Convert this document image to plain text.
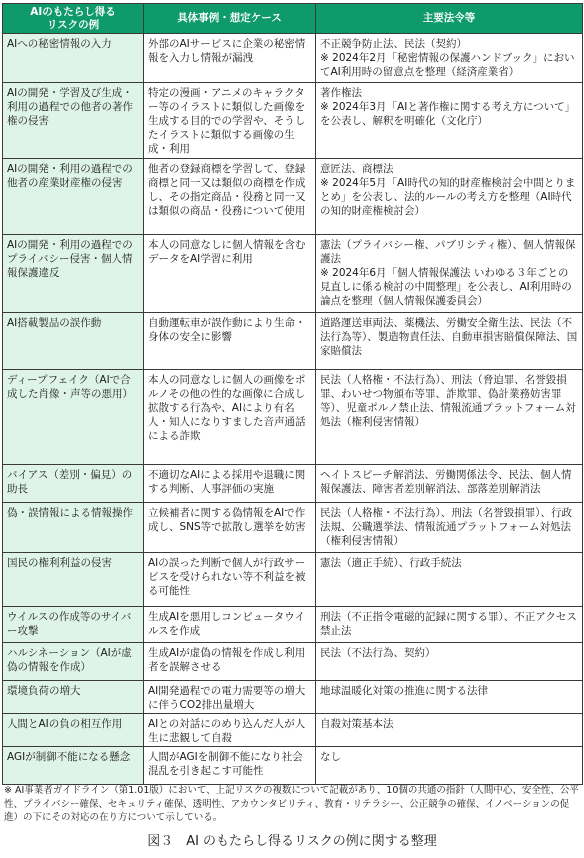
AIのもたらし得る
リスクの例	具体事例・想定ケース	主要法令等

AIへの秘密情報の入力	外部のAIサービスに企業の秘密情報を入力し情報が漏洩	不正競争防止法、民法（契約）
※ 2024年2月「秘密情報の保護ハンドブック」においてAI利用時の留意点を整理（経済産業省）

AIの開発・学習及び生成・利用の過程での他者の著作権の侵害	特定の漫画・アニメのキャラクター等のイラストに類似した画像を生成する目的での学習や、そうしたイラストに類似する画像の生成・利用	著作権法
※ 2024年3月「AIと著作権に関する考え方について」を公表し、解釈を明確化（文化庁）

AIの開発・利用の過程での他者の産業財産権の侵害	他者の登録商標を学習して、登録商標と同一又は類似の商標を作成し、その指定商品・役務と同一又は類似の商品・役務について使用	意匠法、商標法
※ 2024年5月「AI時代の知的財産権検討会中間とりまとめ」を公表し、法的ルールの考え方を整理（AI時代の知的財産権検討会）

AIの開発・利用の過程でのプライバシー侵害・個人情報保護違反	本人の同意なしに個人情報を含むデータをAI学習に利用	憲法（プライバシー権、パブリシティ権）、個人情報保護法
※ 2024年6月「個人情報保護法 いわゆる３年ごとの見直しに係る検討の中間整理」を公表し、AI利用時の論点を整理（個人情報保護委員会）

AI搭載製品の誤作動	自動運転車が誤作動により生命・身体の安全に影響	道路運送車両法、薬機法、労働安全衛生法、民法（不法行為等）、製造物責任法、自動車損害賠償保障法、国家賠償法

ディープフェイク（AIで合成した肖像・声等の悪用）	本人の同意なしに個人の画像をポルノその他の性的な画像に合成し拡散する行為や、AIにより有名人・知人になりすました音声通話による詐欺	民法（人格権・不法行為）、刑法（脅迫罪、名誉毀損罪、わいせつ物頒布等罪、詐欺罪、偽計業務妨害罪等）、児童ポルノ禁止法、情報流通プラットフォーム対処法（権利侵害情報）

バイアス（差別・偏見）の助長	不適切なAIによる採用や退職に関する判断、人事評価の実施	ヘイトスピーチ解消法、労働関係法令、民法、個人情報保護法、障害者差別解消法、部落差別解消法

偽・誤情報による情報操作	立候補者に関する偽情報をAIで作成し、SNS等で拡散し選挙を妨害	民法（人格権・不法行為）、刑法（名誉毀損罪）、行政法規、公職選挙法、情報流通プラットフォーム対処法（権利侵害情報）

国民の権利利益の侵害	AIの誤った判断で個人が行政サービスを受けられない等不利益を被る可能性	憲法（適正手続）、行政手続法

ウイルスの作成等のサイバー攻撃	生成AIを悪用しコンピュータウイルスを作成	刑法（不正指令電磁的記録に関する罪）、不正アクセス禁止法

ハルシネーション（AIが虚偽の情報を作成）	生成AIが虚偽の情報を作成し利用者を誤解させる	民法（不法行為、契約）

環境負荷の増大	AI開発過程での電力需要等の増大に伴うCO2排出量増大	地球温暖化対策の推進に関する法律

人間とAIの負の相互作用	AIとの対話にのめり込んだ人が人生に悲観して自殺	自殺対策基本法

AGIが制御不能になる懸念	人間がAGIを制御不能になり社会混乱を引き起こす可能性	なし
※ AI事業者ガイドライン（第1.01版）において、上記リスクの複数について記載があり、10個の共通の指針（人間中心、安全性、公平性、プライバシー確保、セキュリティ確保、透明性、アカウンタビリティ、教育・リテラシー、公正競争の確保、イノベーションの促進）の下にその対応の在り方について示している。
図３　AI のもたらし得るリスクの例に関する整理
